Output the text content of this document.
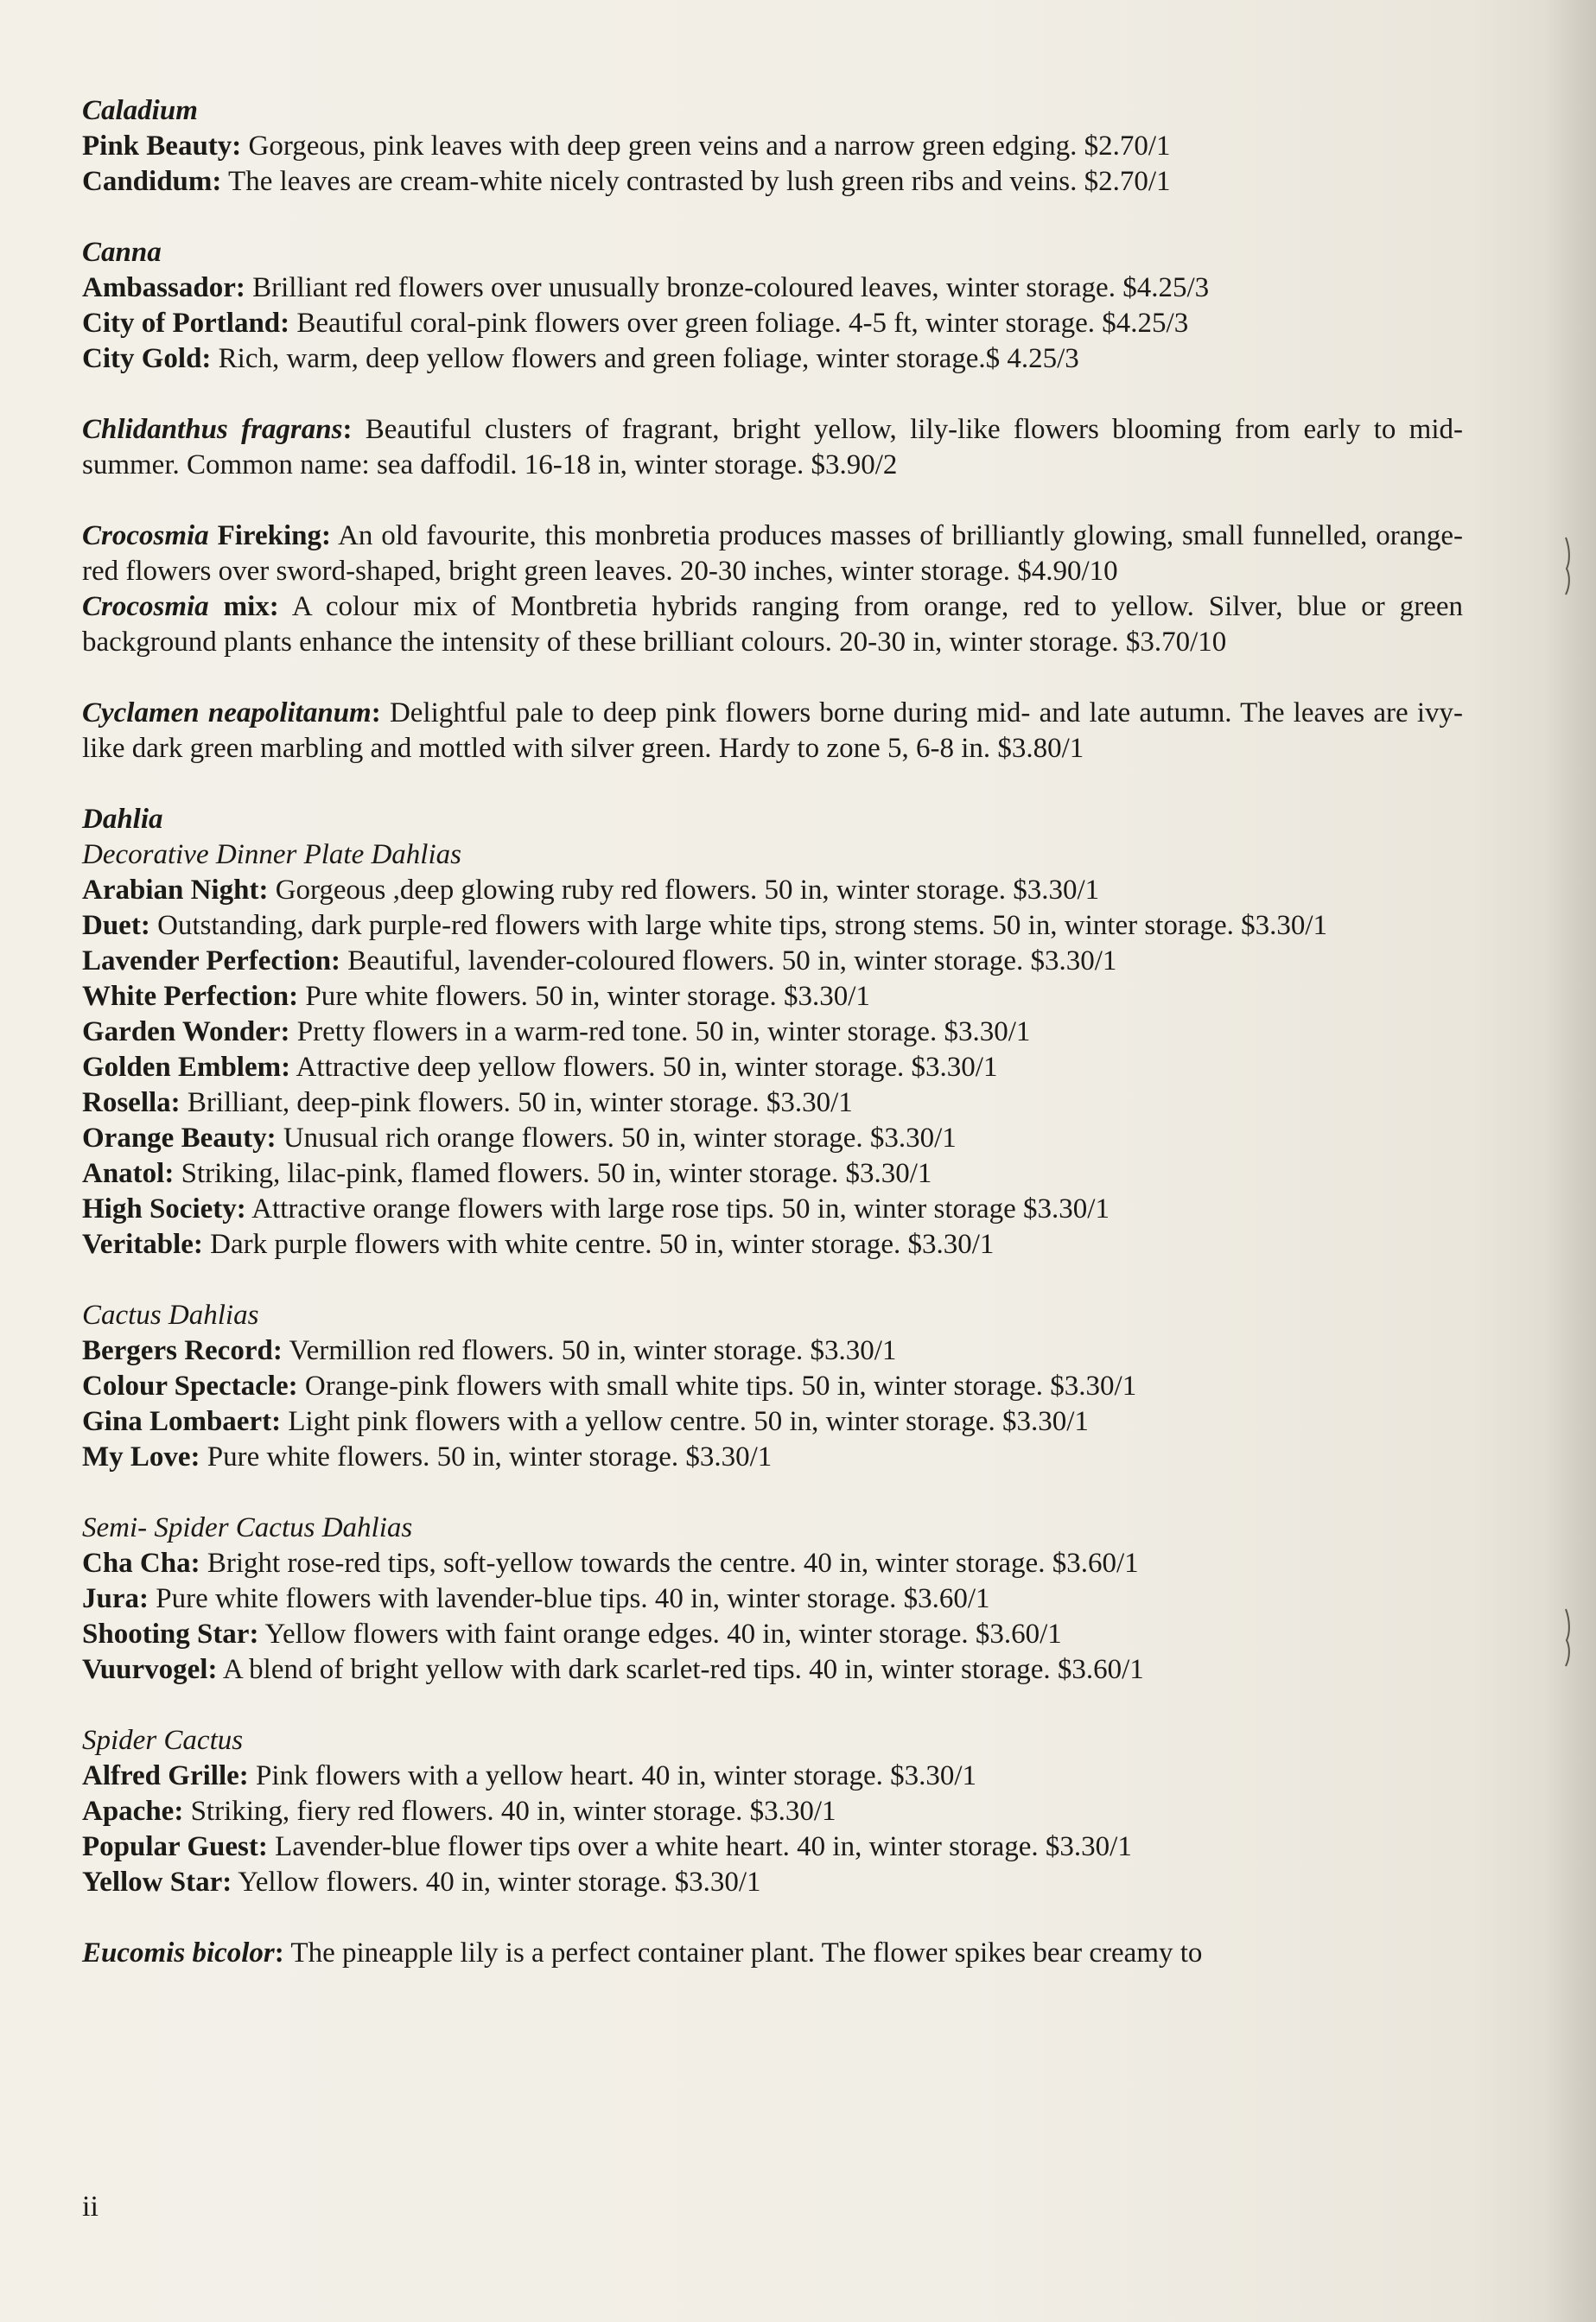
Caladium
Pink Beauty: Gorgeous, pink leaves with deep green veins and a narrow green edging. $2.70/1
Candidum: The leaves are cream-white nicely contrasted by lush green ribs and veins. $2.70/1
Canna
Ambassador: Brilliant red flowers over unusually bronze-coloured leaves, winter storage. $4.25/3
City of Portland: Beautiful coral-pink flowers over green foliage. 4-5 ft, winter storage. $4.25/3
City Gold: Rich, warm, deep yellow flowers and green foliage, winter storage.$ 4.25/3
Chlidanthus fragrans: Beautiful clusters of fragrant, bright yellow, lily-like flowers blooming from early to mid-summer. Common name: sea daffodil. 16-18 in, winter storage. $3.90/2
Crocosmia Fireking: An old favourite, this monbretia produces masses of brilliantly glowing, small funnelled, orange-red flowers over sword-shaped, bright green leaves. 20-30 inches, winter storage. $4.90/10
Crocosmia mix: A colour mix of Montbretia hybrids ranging from orange, red to yellow. Silver, blue or green background plants enhance the intensity of these brilliant colours. 20-30 in, winter storage. $3.70/10
Cyclamen neapolitanum: Delightful pale to deep pink flowers borne during mid- and late autumn. The leaves are ivy-like dark green marbling and mottled with silver green. Hardy to zone 5, 6-8 in. $3.80/1
Dahlia
Decorative Dinner Plate Dahlias
Arabian Night: Gorgeous ,deep glowing ruby red flowers. 50 in, winter storage. $3.30/1
Duet: Outstanding, dark purple-red flowers with large white tips, strong stems. 50 in, winter storage. $3.30/1
Lavender Perfection: Beautiful, lavender-coloured flowers. 50 in, winter storage. $3.30/1
White Perfection: Pure white flowers. 50 in, winter storage. $3.30/1
Garden Wonder: Pretty flowers in a warm-red tone. 50 in, winter storage. $3.30/1
Golden Emblem: Attractive deep yellow flowers. 50 in, winter storage. $3.30/1
Rosella: Brilliant, deep-pink flowers. 50 in, winter storage. $3.30/1
Orange Beauty: Unusual rich orange flowers. 50 in, winter storage. $3.30/1
Anatol: Striking, lilac-pink, flamed flowers. 50 in, winter storage. $3.30/1
High Society: Attractive orange flowers with large rose tips. 50 in, winter storage $3.30/1
Veritable: Dark purple flowers with white centre. 50 in, winter storage. $3.30/1
Cactus Dahlias
Bergers Record: Vermillion red flowers. 50 in, winter storage. $3.30/1
Colour Spectacle: Orange-pink flowers with small white tips. 50 in, winter storage. $3.30/1
Gina Lombaert: Light pink flowers with a yellow centre. 50 in, winter storage. $3.30/1
My Love: Pure white flowers. 50 in, winter storage. $3.30/1
Semi- Spider Cactus Dahlias
Cha Cha: Bright rose-red tips, soft-yellow towards the centre. 40 in, winter storage. $3.60/1
Jura: Pure white flowers with lavender-blue tips. 40 in, winter storage. $3.60/1
Shooting Star: Yellow flowers with faint orange edges. 40 in, winter storage. $3.60/1
Vuurvogel: A blend of bright yellow with dark scarlet-red tips. 40 in, winter storage. $3.60/1
Spider Cactus
Alfred Grille: Pink flowers with a yellow heart. 40 in, winter storage. $3.30/1
Apache: Striking, fiery red flowers. 40 in, winter storage. $3.30/1
Popular Guest: Lavender-blue flower tips over a white heart. 40 in, winter storage. $3.30/1
Yellow Star: Yellow flowers. 40 in, winter storage. $3.30/1
Eucomis bicolor: The pineapple lily is a perfect container plant. The flower spikes bear creamy to
ii
